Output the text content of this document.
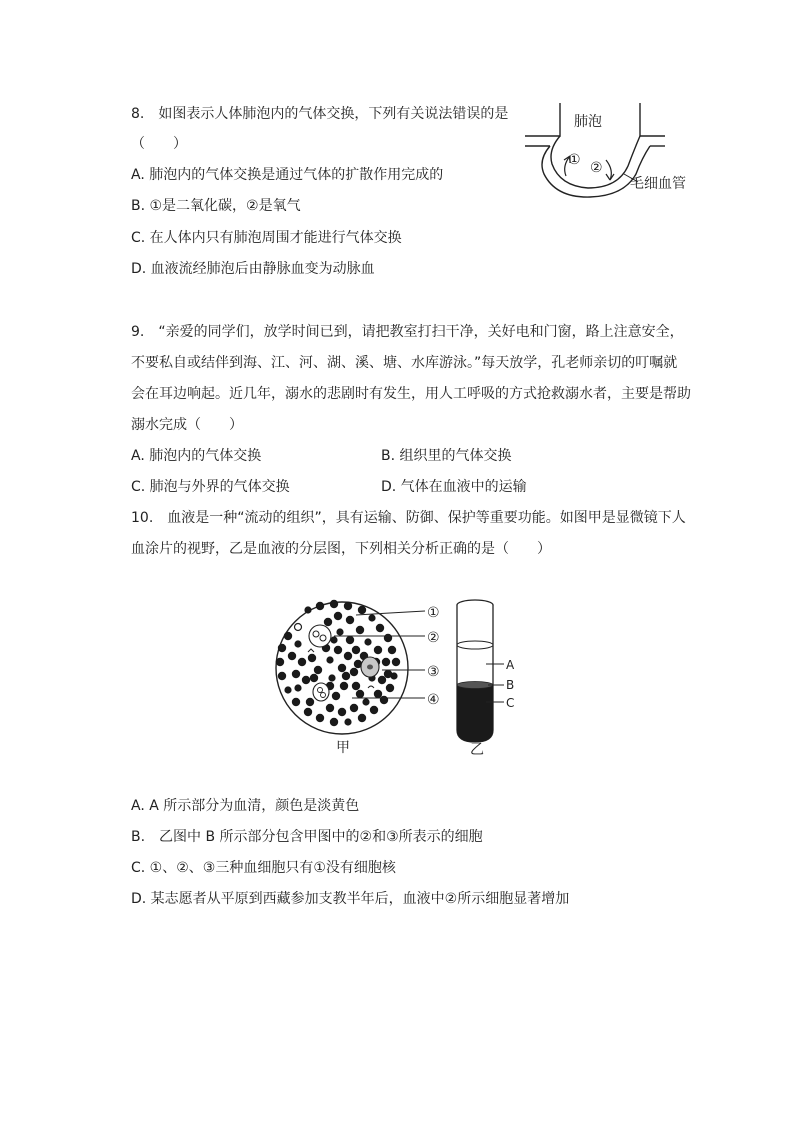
8.　如图表示人体肺泡内的气体交换，下列有关说法错误的是
（　　）
A. 肺泡内的气体交换是通过气体的扩散作用完成的
B. ①是二氧化碳，②是氧气
C. 在人体内只有肺泡周围才能进行气体交换
D. 血液流经肺泡后由静脉血变为动脉血
肺泡
① ②
毛细血管
9.　“亲爱的同学们，放学时间已到，请把教室打扫干净，关好电和门窗，路上注意安全，
不要私自或结伴到海、江、河、湖、溪、塘、水库游泳。”每天放学，孔老师亲切的叮嘱就
会在耳边响起。近几年，溺水的悲剧时有发生，用人工呼吸的方式抢救溺水者，主要是帮助
溺水完成（　　）
A. 肺泡内的气体交换	B. 组织里的气体交换
C. 肺泡与外界的气体交换	D. 气体在血液中的运输
10.　血液是一种“流动的组织”，具有运输、防御、保护等重要功能。如图甲是显微镜下人
血涂片的视野，乙是血液的分层图，下列相关分析正确的是（　　）
①
②
③
④
甲
A
B
C
乙
A. A 所示部分为血清，颜色是淡黄色
B.　乙图中 B 所示部分包含甲图中的②和③所表示的细胞
C. ①、②、③三种血细胞只有①没有细胞核
D. 某志愿者从平原到西藏参加支教半年后，血液中②所示细胞显著增加
